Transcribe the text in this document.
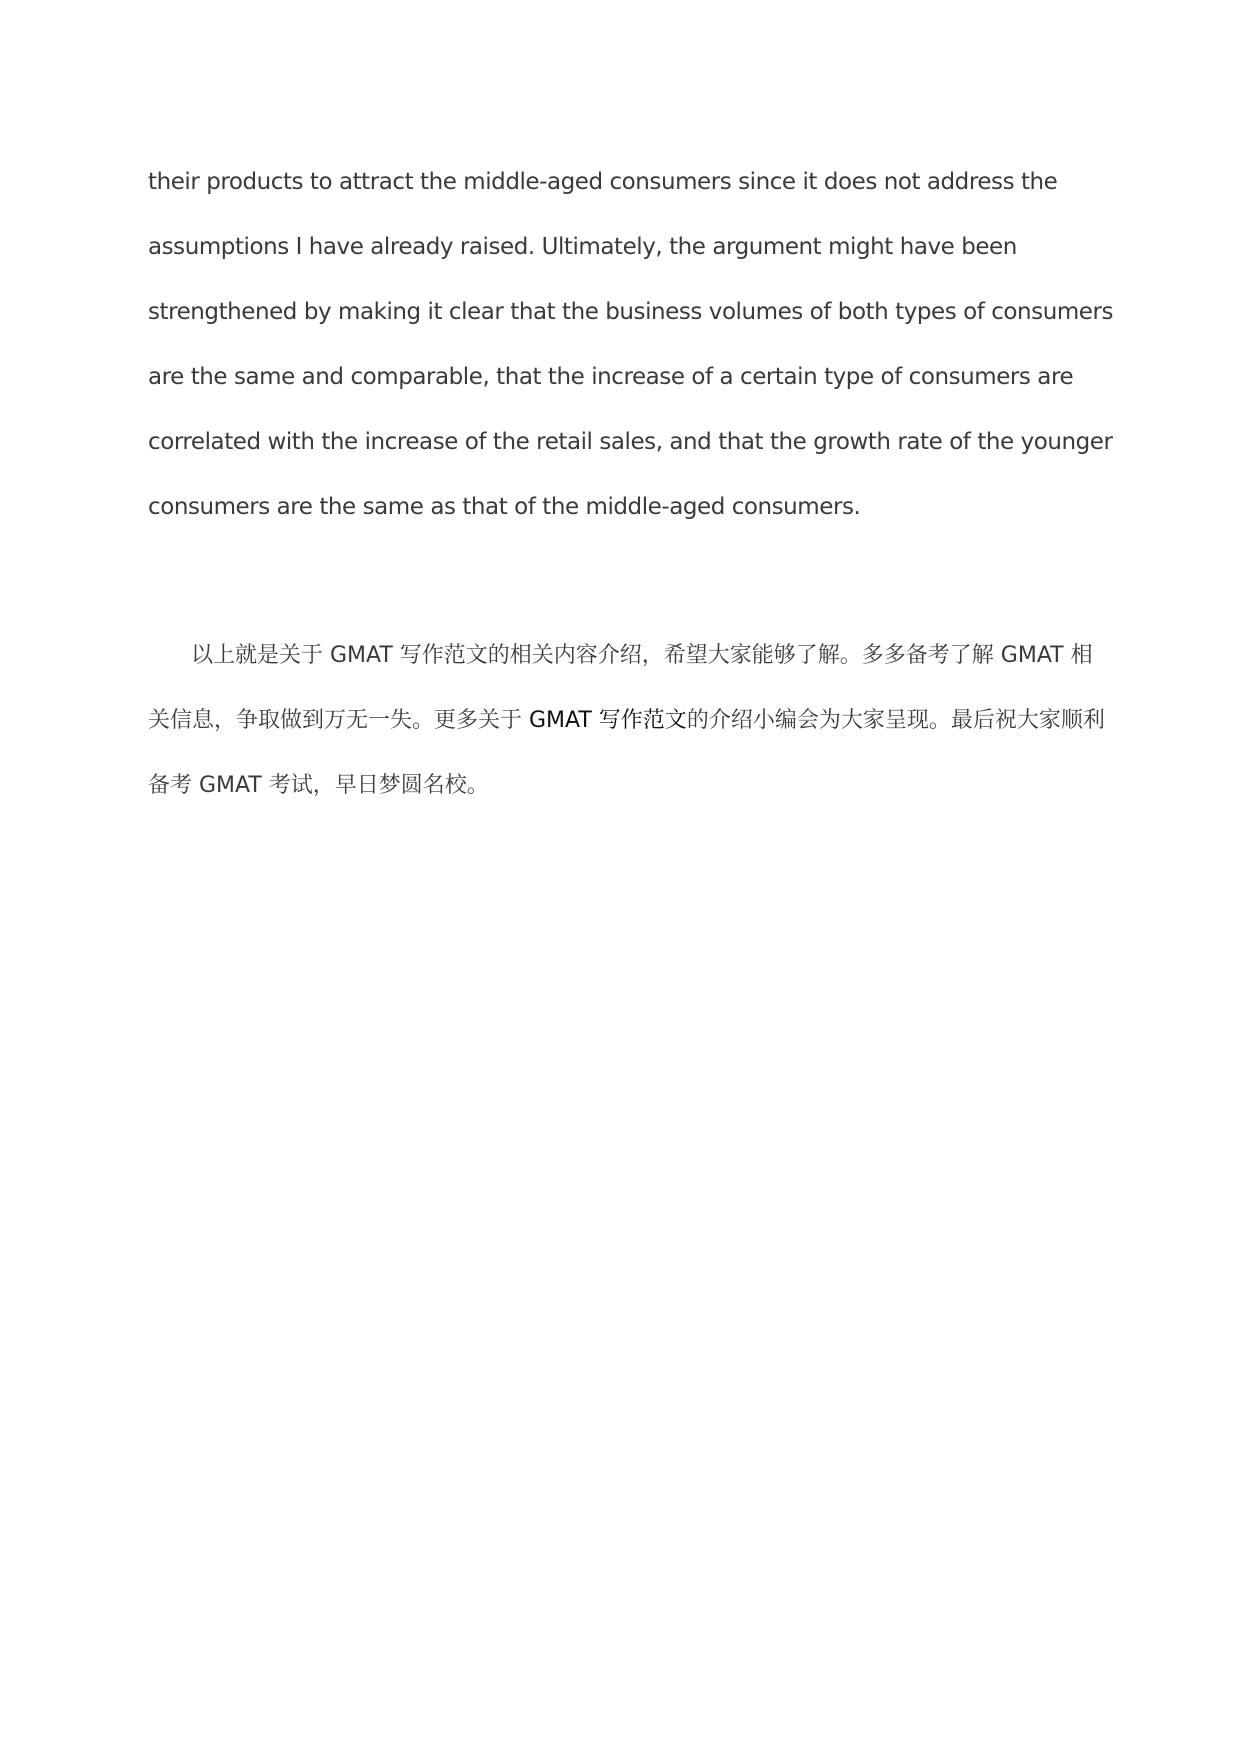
their products to attract the middle-aged consumers since it does not address the
assumptions I have already raised. Ultimately, the argument might have been
strengthened by making it clear that the business volumes of both types of consumers
are the same and comparable, that the increase of a certain type of consumers are
correlated with the increase of the retail sales, and that the growth rate of the younger
consumers are the same as that of the middle-aged consumers.
以上就是关于 GMAT 写作范文的相关内容介绍，希望大家能够了解。多多备考了解 GMAT 相
关信息，争取做到万无一失。更多关于 GMAT 写作范文的介绍小编会为大家呈现。最后祝大家顺利
备考 GMAT 考试，早日梦圆名校。
